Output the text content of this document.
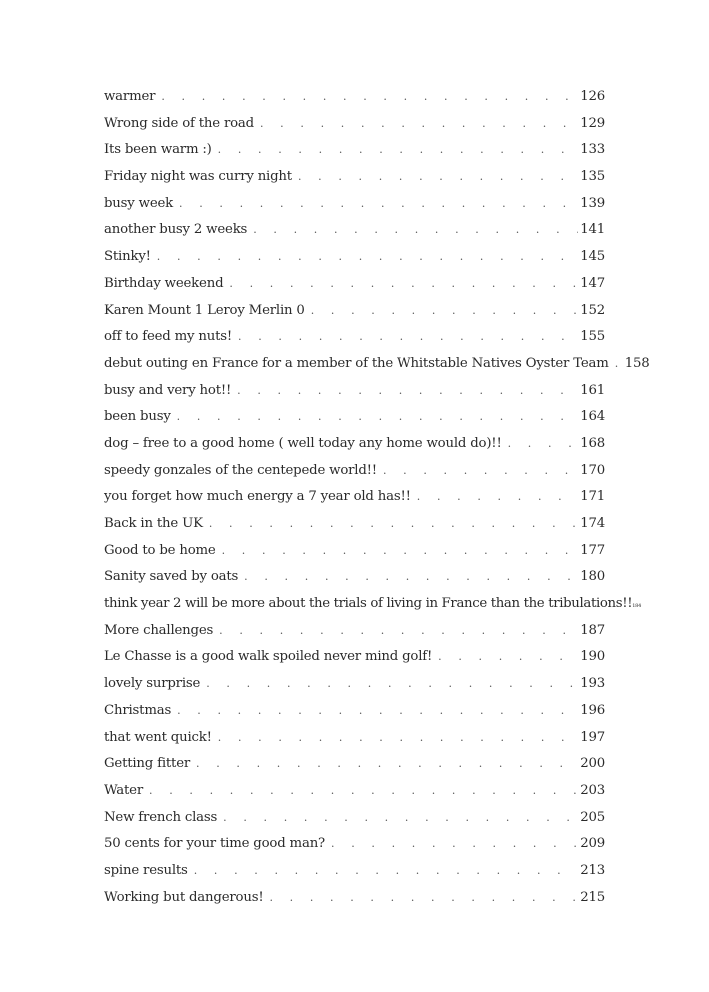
warmer . . .	126
Wrong side of the road . . .	129
Its been warm :) . . .	133
Friday night was curry night . . .	135
busy week . . .	139
another busy 2 weeks . . .	141
Stinky! . . .	145
Birthday weekend . . .	147
Karen Mount 1 Leroy Merlin 0 . . .	152
off to feed my nuts! . . .	155
debut outing en France for a member of the Whitstable Natives Oyster Team . . .	158
busy and very hot!! . . .	161
been busy . . .	164
dog – free to a good home ( well today any home would do)!! . . .	168
speedy gonzales of the centepede world!! . . .	170
you forget how much energy a 7 year old has!! . . .	171
Back in the UK . . .	174
Good to be home . . .	177
Sanity saved by oats . . .	180
think year 2 will be more about the trials of living in France than the tribulations!! 184
More challenges . . .	187
Le Chasse is a good walk spoiled never mind golf! . . .	190
lovely surprise . . .	193
Christmas . . .	196
that went quick! . . .	197
Getting fitter . . .	200
Water . . .	203
New french class . . .	205
50 cents for your time good man? . . .	209
spine results . . .	213
Working but dangerous! . . .	215
